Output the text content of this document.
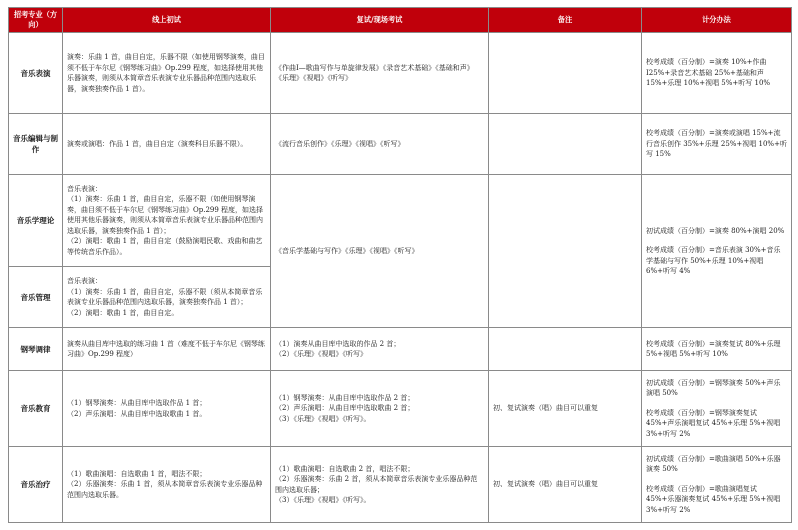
招考专业（方向）	线上初试	复试/现场考试	备注	计分办法
音乐表演	演奏：乐曲 1 首，曲目自定，乐器不限（如使用钢琴演奏，曲目须不低于车尔尼《钢琴练习曲》Op.299 程度，如选择使用其他乐器演奏，则须从本简章音乐表演专业乐器品种范围内选取乐器，演奏独奏作品 1 首）。	《作曲Ⅰ—歌曲写作与单旋律发展》《录音艺术基础》《基础和声》《乐理》《视唱》《听写》		校考成绩（百分制）=演奏 10%+作曲Ⅰ25%+录音艺术基础 25%+基础和声 15%+乐理 10%+视唱 5%+听写 10%
音乐编辑与制作	演奏或演唱：作品 1 首，曲目自定（演奏科目乐器不限）。	《流行音乐创作》《乐理》《视唱》《听写》		校考成绩（百分制）=演奏或演唱 15%+流行音乐创作 35%+乐理 25%+视唱 10%+听写 15%
音乐学理论	音乐表演：
（1）演奏：乐曲 1 首，曲目自定，乐器不限（如使用钢琴演奏，曲目须不低于车尔尼《钢琴练习曲》Op.299 程度，如选择使用其他乐器演奏，则须从本简章音乐表演专业乐器品种范围内选取乐器，演奏独奏作品 1 首）；
（2）演唱：歌曲 1 首，曲目自定（鼓励演唱民歌、戏曲和曲艺等传统音乐作品）。	《音乐学基础与写作》《乐理》《视唱》《听写》		初试成绩（百分制）=演奏 80%+演唱 20%
校考成绩（百分制）=音乐表演 30%+音乐学基础与写作 50%+乐理 10%+视唱 6%+听写 4%

音乐管理	音乐表演：
（1）演奏：乐曲 1 首，曲目自定，乐器不限（须从本简章音乐表演专业乐器品种范围内选取乐器，演奏独奏作品 1 首）；
（2）演唱：歌曲 1 首，曲目自定。			

钢琴调律	演奏从曲目库中选取的练习曲 1 首（难度不低于车尔尼《钢琴练习曲》Op.299 程度）	（1）演奏从曲目库中选取的作品 2 首；
（2）《乐理》《视唱》《听写》		校考成绩（百分制）=演奏复试 80%+乐理 5%+视唱 5%+听写 10%
音乐教育	（1）钢琴演奏：从曲目库中选取作品 1 首；
（2）声乐演唱：从曲目库中选取歌曲 1 首。	（1）钢琴演奏：从曲目库中选取作品 2 首；
（2）声乐演唱：从曲目库中选取歌曲 2 首；
（3）《乐理》《视唱》《听写》。	初、复试演奏（唱）曲目可以重复	初试成绩（百分制）=钢琴演奏 50%+声乐演唱 50%
校考成绩（百分制）=钢琴演奏复试 45%+声乐演唱复试 45%+乐理 5%+视唱 3%+听写 2%

音乐治疗	（1）歌曲演唱：自选歌曲 1 首，唱法不限；
（2）乐器演奏：乐曲 1 首，须从本简章音乐表演专业乐器品种范围内选取乐器。	（1）歌曲演唱：自选歌曲 2 首，唱法不限；
（2）乐器演奏：乐曲 2 首，须从本简章音乐表演专业乐器品种范围内选取乐器；
（3）《乐理》《视唱》《听写》。	初、复试演奏（唱）曲目可以重复	初试成绩（百分制）=歌曲演唱 50%+乐器演奏 50%
校考成绩（百分制）=歌曲演唱复试 45%+乐器演奏复试 45%+乐理 5%+视唱 3%+听写 2%
